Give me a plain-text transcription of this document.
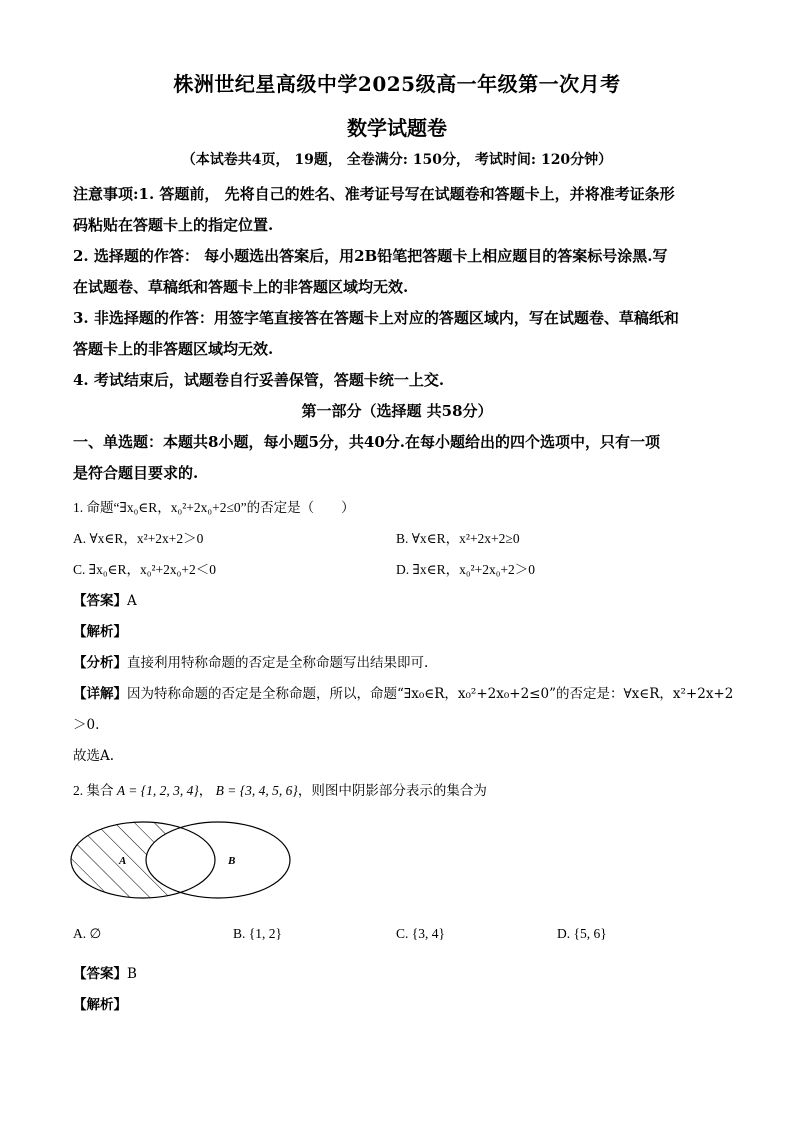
株洲世纪星高级中学2025级高一年级第一次月考
数学试题卷
（本试卷共4页， 19题， 全卷满分: 150分， 考试时间: 120分钟）
注意事项:1. 答题前， 先将自己的姓名、准考证号写在试题卷和答题卡上，并将准考证条形
码粘贴在答题卡上的指定位置.
2. 选择题的作答： 每小题选出答案后，用2B铅笔把答题卡上相应题目的答案标号涂黑.写
在试题卷、草稿纸和答题卡上的非答题区域均无效.
3. 非选择题的作答：用签字笔直接答在答题卡上对应的答题区域内，写在试题卷、草稿纸和
答题卡上的非答题区域均无效.
4. 考试结束后，试题卷自行妥善保管，答题卡统一上交.
第一部分（选择题 共58分）
一、单选题：本题共8小题，每小题5分，共40分.在每小题给出的四个选项中，只有一项
是符合题目要求的.
1. 命题“∃x₀∈R，x₀²+2x₀+2≤0”的否定是（　　）
A. ∀x∈R，x²+2x+2＞0	B. ∀x∈R，x²+2x+2≥0
C. ∃x₀∈R，x₀²+2x₀+2＜0	D. ∃x∈R，x₀²+2x₀+2＞0
【答案】A
【解析】
【分析】直接利用特称命题的否定是全称命题写出结果即可.
【详解】因为特称命题的否定是全称命题，所以，命题“∃x₀∈R，x₀²+2x₀+2≤0”的否定是：∀x∈R，x²+2x+2
＞0.
故选A.
2. 集合 A = {1, 2, 3, 4}， B = {3, 4, 5, 6}，则图中阴影部分表示的集合为
A	B
A. ∅	B. {1, 2}	C. {3, 4}	D. {5, 6}
【答案】B
【解析】
